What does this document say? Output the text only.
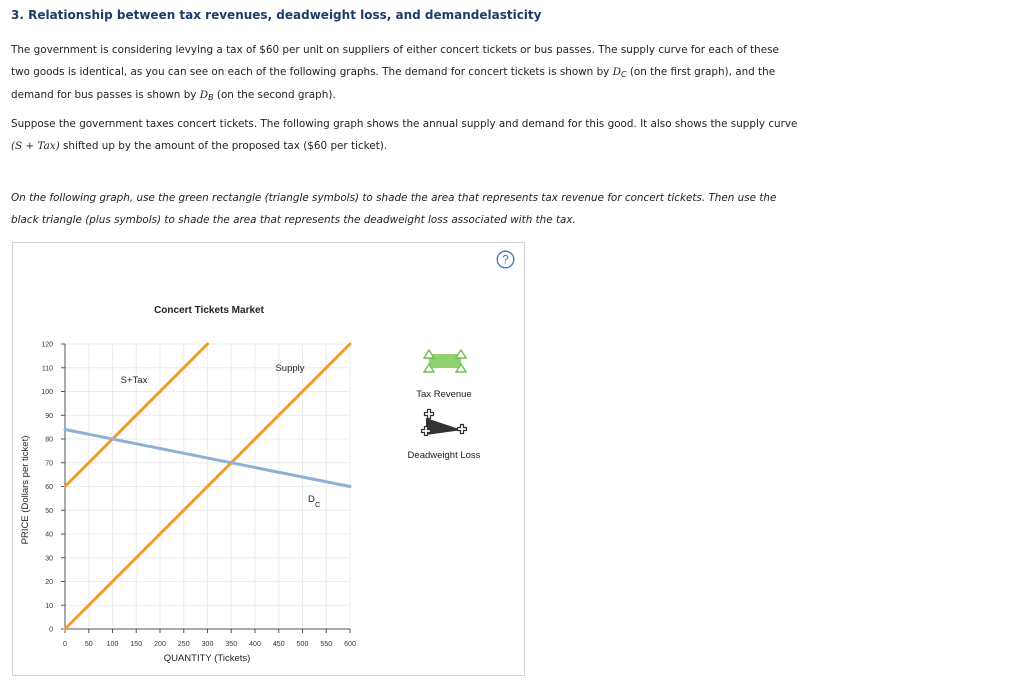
3. Relationship between tax revenues, deadweight loss, and demandelasticity
The government is considering levying a tax of $60 per unit on suppliers of either concert tickets or bus passes. The supply curve for each of these
two goods is identical, as you can see on each of the following graphs. The demand for concert tickets is shown by $D_C$ (on the first graph), and the
demand for bus passes is shown by $D_B$ (on the second graph).
Suppose the government taxes concert tickets. The following graph shows the annual supply and demand for this good. It also shows the supply curve
(S + Tax) shifted up by the amount of the proposed tax ($60 per ticket).
On the following graph, use the green rectangle (triangle symbols) to shade the area that represents tax revenue for concert tickets. Then use the
black triangle (plus symbols) to shade the area that represents the deadweight loss associated with the tax.
?
0
10
20
30
40
50
60
70
80
90
100
110
120
0	50 100 150 200 250 300 350 400 450 500 550 600
Concert Tickets Market
QUANTITY (Tickets)
PRICE (Dollars per ticket)
Supply
S+Tax
D C
Tax Revenue
Deadweight Loss
